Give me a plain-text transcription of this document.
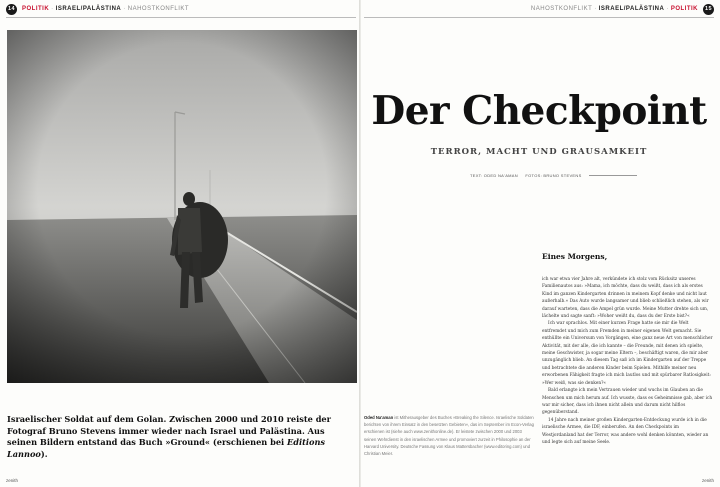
14	POLITIK · ISRAEL/PALÄSTINA · NAHOSTKONFLIKT	NAHOSTKONFLIKT · ISRAEL/PALÄSTINA · POLITIK	15
Israelischer Soldat auf dem Golan. Zwischen 2000 und 2010 reiste der Fotograf Bruno Stevens immer wieder nach Israel und Palästina. Aus seinen Bildern entstand das Buch »Ground« (erschienen bei Editions Lannoo).
zenith
Der Checkpoint
TERROR, MACHT UND GRAUSAMKEIT
TEXT: ODED NA'AMAN FOTOS: BRUNO STEVENS
Oded Na'aman ist Mitherausgeber des Buches »Breaking the Silence. Israelische Soldaten berichten von ihrem Einsatz in den besetzten Gebieten«, das im September im Econ-Verlag erschienen ist (siehe auch www.zenithonline.de). Er leistete zwischen 2000 und 2003 seinen Wehrdienst in den israelischen Armee und promoviert zurzeit in Philosophie an der Harvard University. Deutsche Fassung von Klaus Mattersbacher (www.editoring.com) und Christian Meier.
Eines Morgens,

ich war etwa vier Jahre alt, verkündete ich stolz vom Rücksitz unseres Familienautos aus: »Mama, ich möchte, dass du weißt, dass ich als erstes Kind im ganzen Kindergarten drinnen in meinem Kopf denke und nicht laut außerhalb.« Das Auto wurde langsamer und blieb schließlich stehen, als wir darauf warteten, dass die Ampel grün wurde. Meine Mutter drehte sich um, lächelte und sagte sanft: »Woher weißt du, dass du der Erste bist?«

Ich war sprachlos. Mit einer kurzen Frage hatte sie mir die Welt entfremdet und mich zum Fremden in meiner eigenen Welt gemacht. Sie enthüllte ein Universum von Vorgängen, eine ganz neue Art von menschlicher Aktivität, mit der alle, die ich kannte – die Freunde, mit denen ich spielte, meine Geschwister, ja sogar meine Eltern –, beschäftigt waren, die mir aber unzugänglich blieb. An diesem Tag saß ich im Kindergarten auf der Treppe und betrachtete die anderen Kinder beim Spielen. Mithilfe meiner neu erworbenen Fähigkeit fragte ich mich lautlos und mit spürbarer Ratlosigkeit: »Wer weiß, was sie denken?«

Bald erlangte ich mein Vertrauen wieder und wuchs im Glauben an die Menschen um mich herum auf. Ich wusste, dass es Geheimnisse gab, aber ich war mir sicher, dass ich ihnen nicht allein und darum nicht hilflos gegenüberstand.

14 Jahre nach meiner großen Kindergarten-Entdeckung wurde ich in die israelische Armee, die IDF, einberufen. An den Checkpoints im Westjordanland hat der Terror, was andere wohl denken könnten, wieder an und legte sich auf meine Seele.

zenith
